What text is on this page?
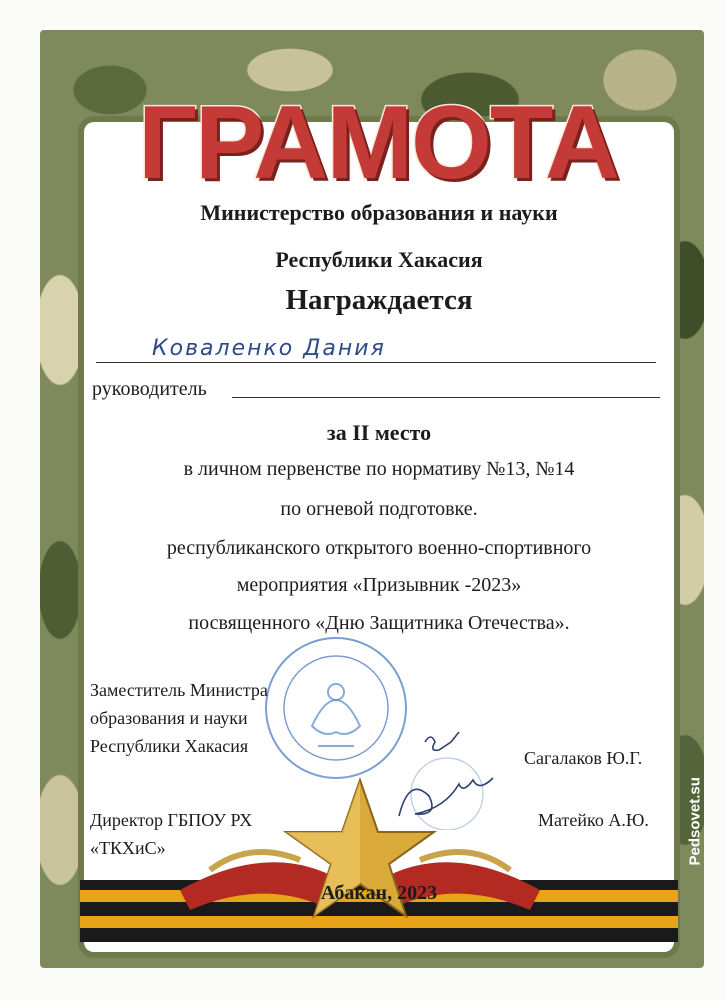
ГРАМОТА

Министерство образования и науки

Республики Хакасия

Награждается

Коваленко Дания
руководитель

за II место

в личном первенстве по нормативу №13, №14

по огневой подготовке.

республиканского открытого военно-спортивного

мероприятия «Призывник -2023»

посвященного «Дню Защитника Отечества».

Заместитель Министра
образования и науки
Республики Хакасия
Сагалаков Ю.Г.
Директор ГБПОУ РХ
«ТКХиС»
Матейко А.Ю.

Абакан, 2023

Pedsovet.su
